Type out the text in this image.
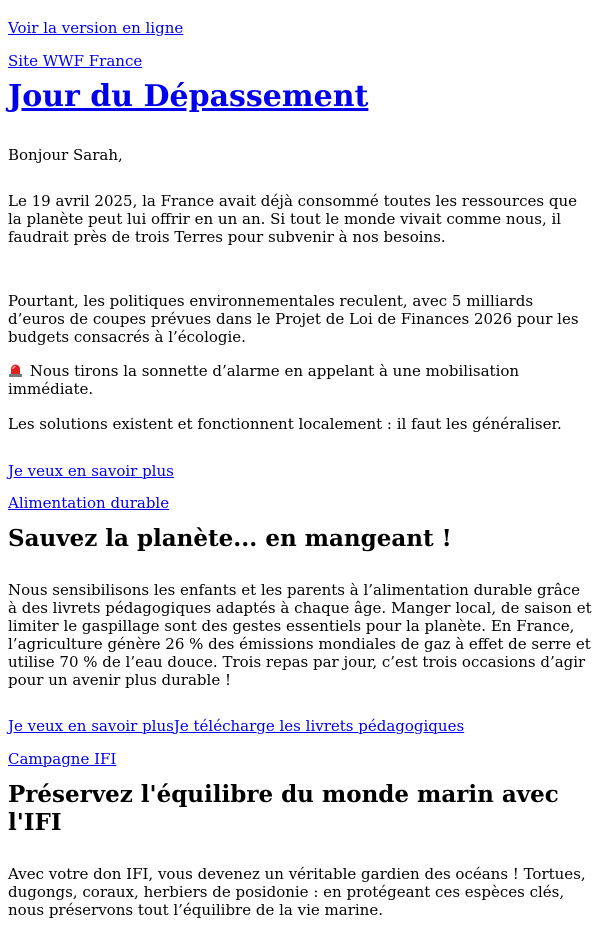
Voir la version en ligne
Site WWF France
Jour du Dépassement

Bonjour Sarah,

Le 19 avril 2025, la France avait déjà consommé toutes les ressources que la planète peut lui offrir en un an. Si tout le monde vivait comme nous, il faudrait près de trois Terres pour subvenir à nos besoins.

Pourtant, les politiques environnementales reculent, avec 5 milliards d’euros de coupes prévues dans le Projet de Loi de Finances 2026 pour les budgets consacrés à l’écologie.

Nous tirons la sonnette d’alarme en appelant à une mobilisation immédiate.

Les solutions existent et fonctionnent localement : il faut les généraliser.

Je veux en savoir plus
Alimentation durable
Sauvez la planète... en mangeant !

Nous sensibilisons les enfants et les parents à l’alimentation durable grâce à des livrets pédagogiques adaptés à chaque âge. Manger local, de saison et limiter le gaspillage sont des gestes essentiels pour la planète. En France, l’agriculture génère 26 % des émissions mondiales de gaz à effet de serre et utilise 70 % de l’eau douce. Trois repas par jour, c’est trois occasions d’agir pour un avenir plus durable !

Je veux en savoir plusJe télécharge les livrets pédagogiques
Campagne IFI
Préservez l'équilibre du monde marin avec l'IFI

Avec votre don IFI, vous devenez un véritable gardien des océans ! Tortues, dugongs, coraux, herbiers de posidonie : en protégeant ces espèces clés, nous préservons tout l’équilibre de la vie marine.
